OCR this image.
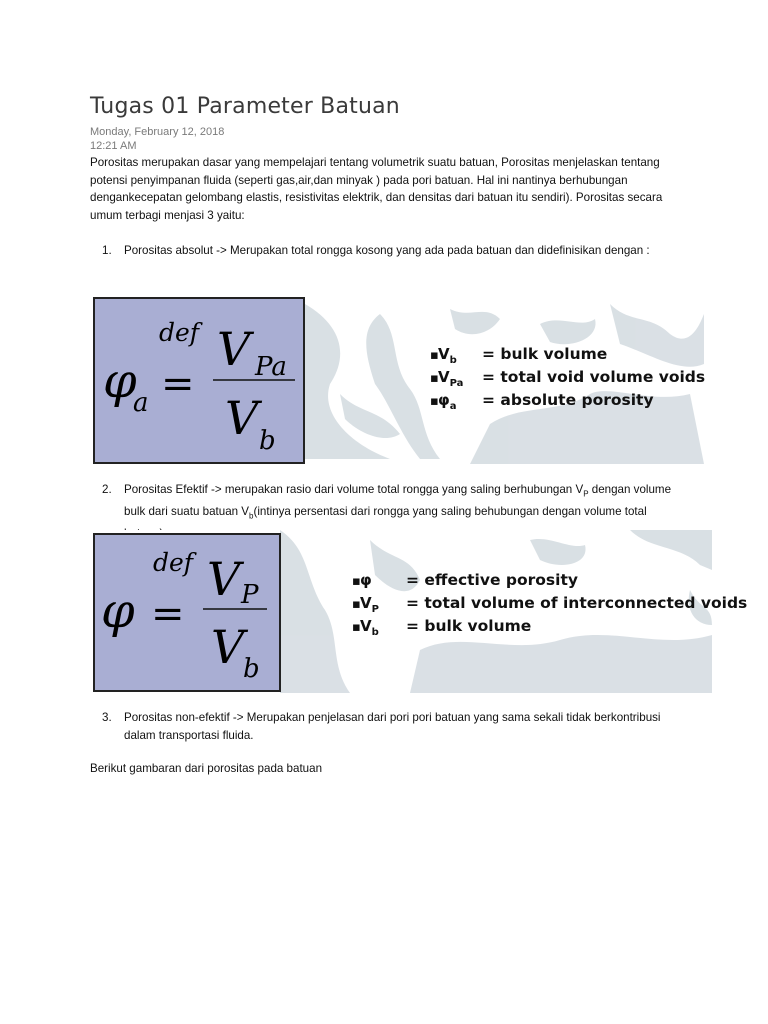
Tugas 01 Parameter Batuan
Monday, February 12, 2018
12:21 AM
Porositas merupakan dasar yang mempelajari tentang volumetrik suatu batuan, Porositas menjelaskan tentang potensi penyimpanan fluida (seperti gas,air,dan minyak ) pada pori batuan. Hal ini nantinya berhubungan dengankecepatan gelombang elastis, resistivitas elektrik, dan densitas dari batuan itu sendiri). Porositas secara umum terbagi menjasi 3 yaitu:
1. Porositas absolut -> Merupakan total rongga kosong yang ada pada batuan dan didefinisikan dengan :
def
φ
a =
V Pa
V b
$▪V_b$ = bulk volume
$▪V_{Pa}$ = total void volume voids
$▪\varphi_a$ = absolute porosity
2. Porositas Efektif -> merupakan rasio dari volume total rongga yang saling berhubungan $V_P$ dengan volume bulk dari suatu batuan $V_b(intinya$ persentasi dari rongga yang saling behubungan dengan volume total
def
φ =
V P
V
b
▪φ = effective porosity
$▪V_P$ = total volume of interconnected voids
$▪V_b$ = bulk volume
3. Porositas non-efektif -> Merupakan penjelasan dari pori pori batuan yang sama sekali tidak berkontribusi dalam transportasi fluida.
Berikut gambaran dari porositas pada batuan
